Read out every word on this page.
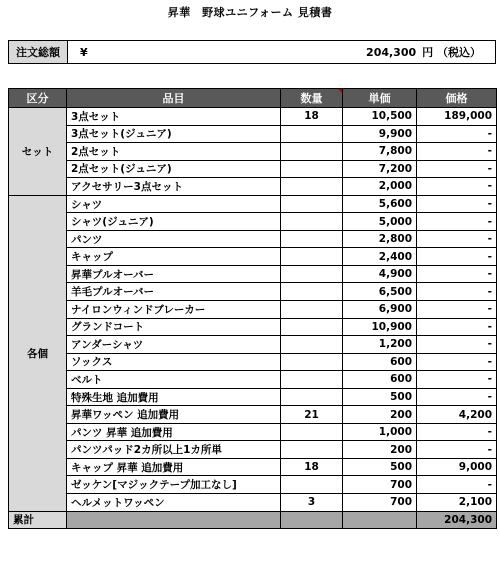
昇華　野球ユニフォーム 見積書
注文総額	¥	204,300 円 （税込）
区分	品目	数量	単価	価格
セット	3点セット	18	10,500	189,000
	3点セット(ジュニア)		9,900	-
	2点セット		7,800	-
	2点セット(ジュニア)		7,200	-
	アクセサリー3点セット		2,000	-
各個	シャツ		5,600	-
	シャツ(ジュニア)		5,000	-
	パンツ		2,800	-
	キャップ		2,400	-
	昇華プルオーバー		4,900	-
	羊毛プルオーバー		6,500	-
	ナイロンウィンドブレーカー		6,900	-
	グランドコート		10,900	-
	アンダーシャツ		1,200	-
	ソックス		600	-
	ベルト		600	-
	特殊生地 追加費用		500	-
	昇華ワッペン 追加費用	21	200	4,200
	パンツ 昇華 追加費用		1,000	-
	パンツパッド2カ所以上1カ所単		200	-
	キャップ 昇華 追加費用	18	500	9,000
	ゼッケン[マジックテープ加工なし]		700	-
	ヘルメットワッペン	3	700	2,100
累計				204,300
